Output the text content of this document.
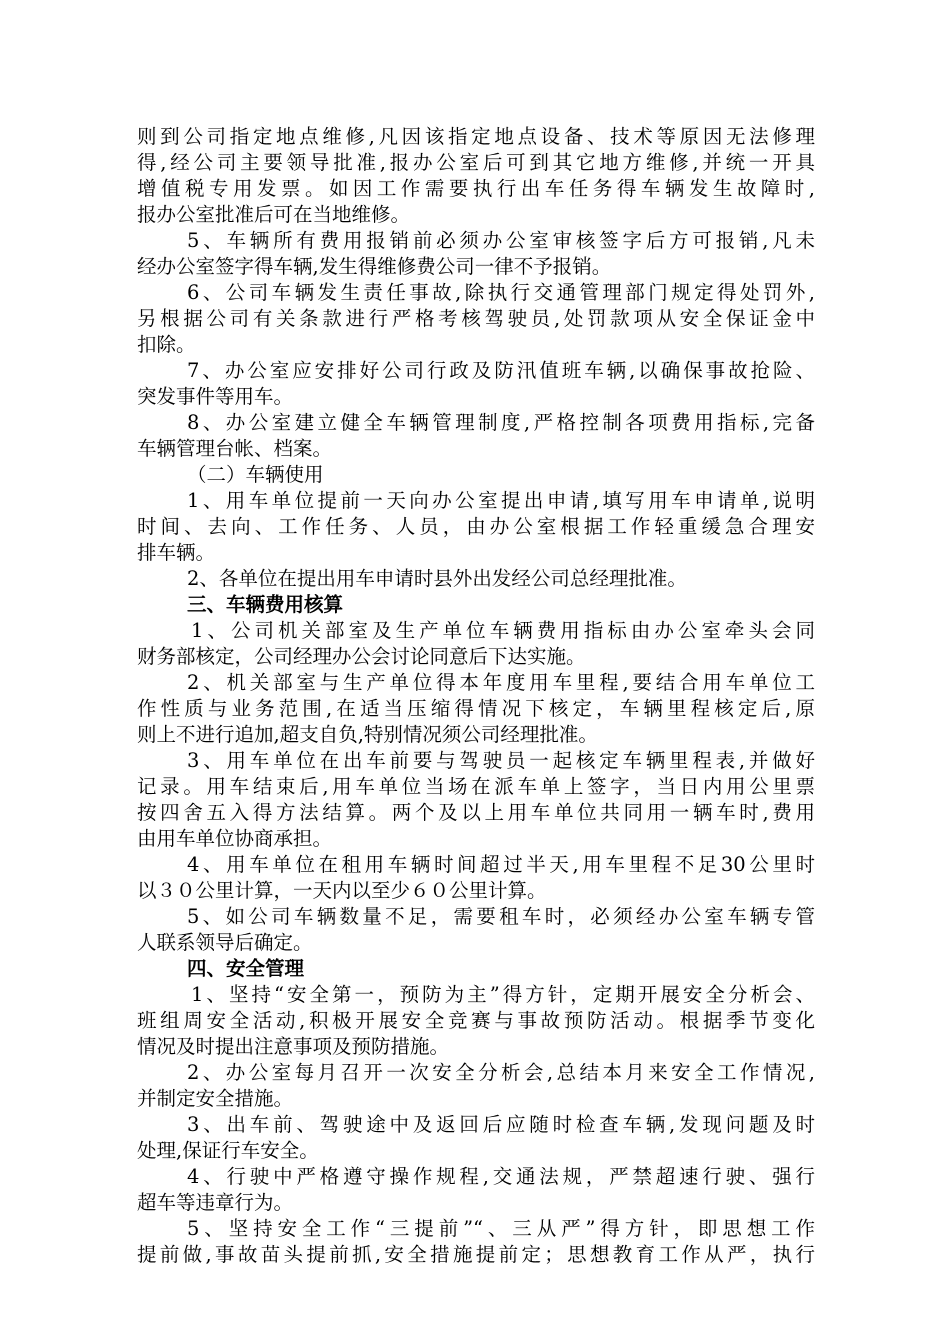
则到公司指定地点维修,凡因该指定地点设备、技术等原因无法修理
得,经公司主要领导批准,报办公室后可到其它地方维修,并统一开具
增值税专用发票。如因工作需要执行出车任务得车辆发生故障时,
报办公室批准后可在当地维修。
5、车辆所有费用报销前必须办公室审核签字后方可报销,凡未
经办公室签字得车辆,发生得维修费公司一律不予报销。
6、公司车辆发生责任事故,除执行交通管理部门规定得处罚外,
另根据公司有关条款进行严格考核驾驶员,处罚款项从安全保证金中
扣除。
7、办公室应安排好公司行政及防汛值班车辆,以确保事故抢险、
突发事件等用车。
8、办公室建立健全车辆管理制度,严格控制各项费用指标,完备
车辆管理台帐、档案。
（二）车辆使用
1、用车单位提前一天向办公室提出申请,填写用车申请单,说明
时间、去向、工作任务、人员，由办公室根据工作轻重缓急合理安
排车辆。
2、各单位在提出用车申请时县外出发经公司总经理批准。
三、车辆费用核算
1、公司机关部室及生产单位车辆费用指标由办公室牵头会同
财务部核定，公司经理办公会讨论同意后下达实施。
2、机关部室与生产单位得本年度用车里程,要结合用车单位工
作性质与业务范围,在适当压缩得情况下核定，车辆里程核定后,原
则上不进行追加,超支自负,特别情况须公司经理批准。
3、用车单位在出车前要与驾驶员一起核定车辆里程表,并做好
记录。用车结束后,用车单位当场在派车单上签字，当日内用公里票
按四舍五入得方法结算。两个及以上用车单位共同用一辆车时,费用
由用车单位协商承担。
4、用车单位在租用车辆时间超过半天,用车里程不足30公里时
以３０公里计算，一天内以至少６０公里计算。
5、如公司车辆数量不足，需要租车时，必须经办公室车辆专管
人联系领导后确定。
四、安全管理
1、坚持“安全第一，预防为主”得方针，定期开展安全分析会、
班组周安全活动,积极开展安全竞赛与事故预防活动。根据季节变化
情况及时提出注意事项及预防措施。
2、办公室每月召开一次安全分析会,总结本月来安全工作情况,
并制定安全措施。
3、出车前、驾驶途中及返回后应随时检查车辆,发现问题及时
处理,保证行车安全。
4、行驶中严格遵守操作规程,交通法规，严禁超速行驶、强行
超车等违章行为。
5、坚持安全工作“三提前”“、三从严”得方针，即思想工作
提前做,事故苗头提前抓,安全措施提前定；思想教育工作从严，执行
